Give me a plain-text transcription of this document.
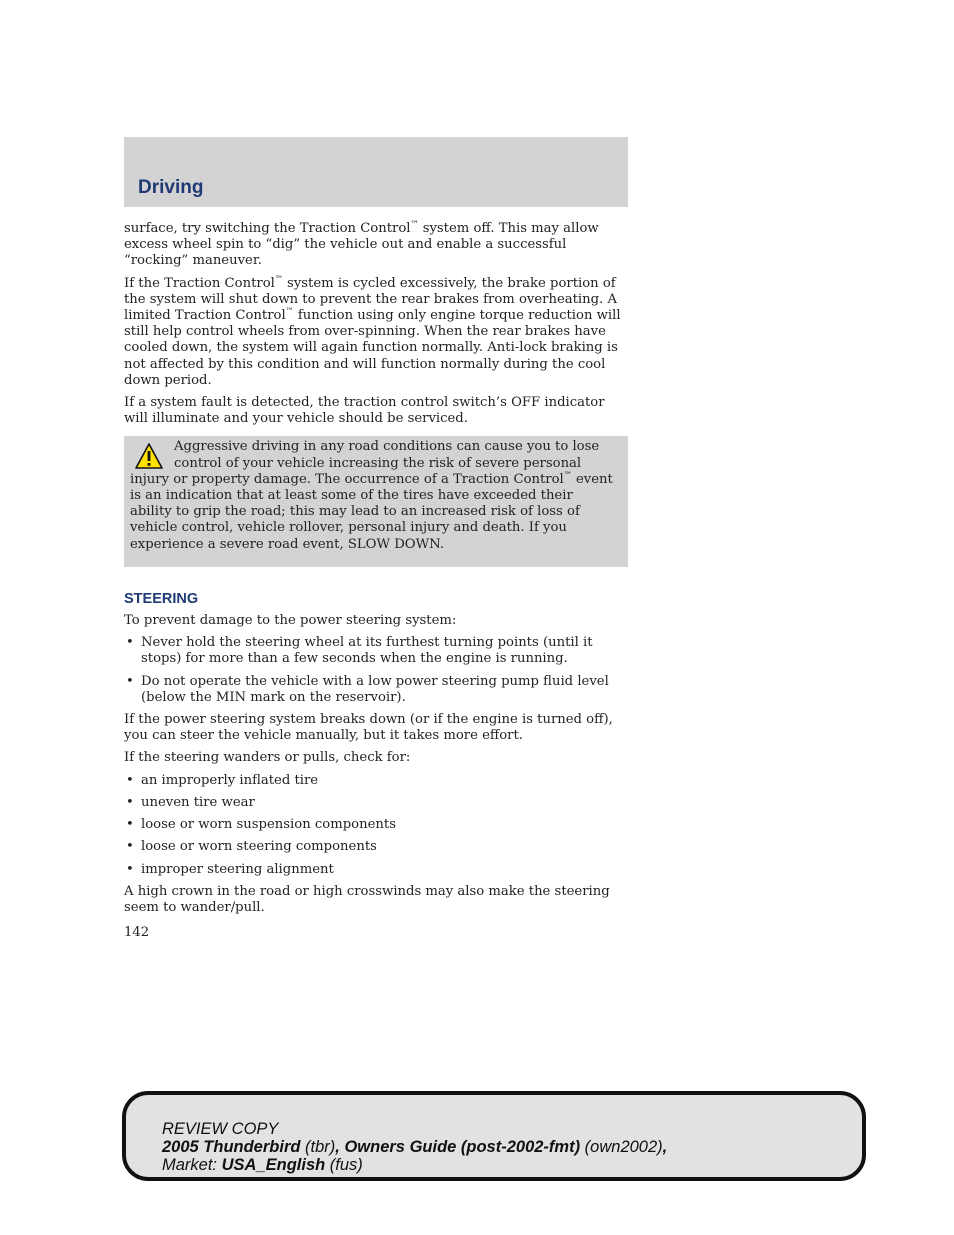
Driving

surface, try switching the Traction Control™ system off. This may allow excess wheel spin to “dig” the vehicle out and enable a successful “rocking” maneuver.

If the Traction Control™ system is cycled excessively, the brake portion of the system will shut down to prevent the rear brakes from overheating. A limited Traction Control™ function using only engine torque reduction will still help control wheels from over-spinning. When the rear brakes have cooled down, the system will again function normally. Anti-lock braking is not affected by this condition and will function normally during the cool down period.

If a system fault is detected, the traction control switch’s OFF indicator will illuminate and your vehicle should be serviced.

Aggressive driving in any road conditions can cause you to lose control of your vehicle increasing the risk of severe personal injury or property damage. The occurrence of a Traction Control™ event is an indication that at least some of the tires have exceeded their ability to grip the road; this may lead to an increased risk of loss of vehicle control, vehicle rollover, personal injury and death. If you experience a severe road event, SLOW DOWN.

STEERING

To prevent damage to the power steering system:

• Never hold the steering wheel at its furthest turning points (until it stops) for more than a few seconds when the engine is running.
• Do not operate the vehicle with a low power steering pump fluid level (below the MIN mark on the reservoir).

If the power steering system breaks down (or if the engine is turned off), you can steer the vehicle manually, but it takes more effort.

If the steering wanders or pulls, check for:

• an improperly inflated tire
• uneven tire wear
• loose or worn suspension components
• loose or worn steering components
• improper steering alignment

A high crown in the road or high crosswinds may also make the steering seem to wander/pull.

142
REVIEW COPY
2005 Thunderbird (tbr), Owners Guide (post-2002-fmt) (own2002),
Market: USA_English (fus)
